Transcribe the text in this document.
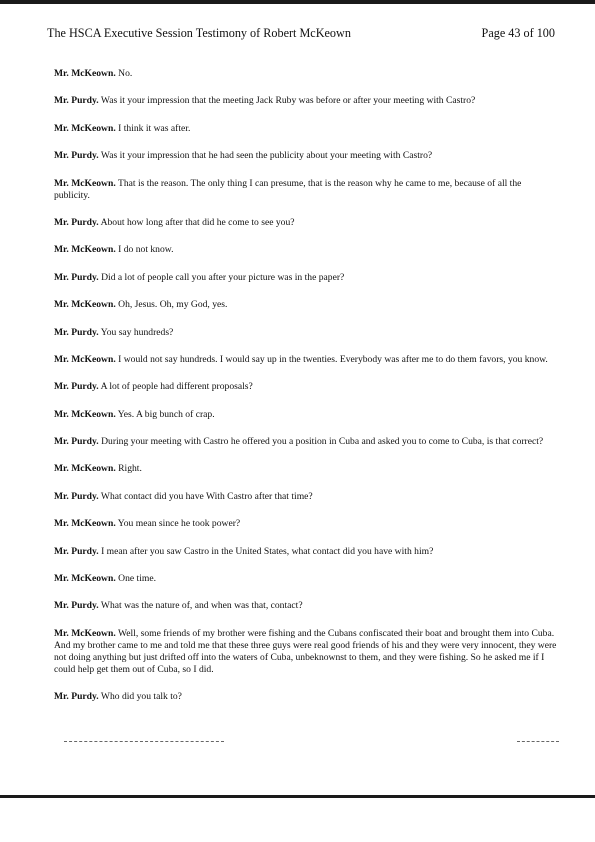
The HSCA Executive Session Testimony of Robert McKeown	Page 43 of 100

Mr. McKeown. No.

Mr. Purdy. Was it your impression that the meeting Jack Ruby was before or after your meeting with Castro?

Mr. McKeown. I think it was after.

Mr. Purdy. Was it your impression that he had seen the publicity about your meeting with Castro?

Mr. McKeown. That is the reason. The only thing I can presume, that is the reason why he came to me, because of all the publicity.

Mr. Purdy. About how long after that did he come to see you?

Mr. McKeown. I do not know.

Mr. Purdy. Did a lot of people call you after your picture was in the paper?

Mr. McKeown. Oh, Jesus. Oh, my God, yes.

Mr. Purdy. You say hundreds?

Mr. McKeown. I would not say hundreds. I would say up in the twenties. Everybody was after me to do them favors, you know.

Mr. Purdy. A lot of people had different proposals?

Mr. McKeown. Yes. A big bunch of crap.

Mr. Purdy. During your meeting with Castro he offered you a position in Cuba and asked you to come to Cuba, is that correct?

Mr. McKeown. Right.

Mr. Purdy. What contact did you have With Castro after that time?

Mr. McKeown. You mean since he took power?

Mr. Purdy. I mean after you saw Castro in the United States, what contact did you have with him?

Mr. McKeown. One time.

Mr. Purdy. What was the nature of, and when was that, contact?

Mr. McKeown. Well, some friends of my brother were fishing and the Cubans confiscated their boat and brought them into Cuba. And my brother came to me and told me that these three guys were real good friends of his and they were very innocent, they were not doing anything but just drifted off into the waters of Cuba, unbeknownst to them, and they were fishing. So he asked me if I could help get them out of Cuba, so I did.

Mr. Purdy. Who did you talk to?
